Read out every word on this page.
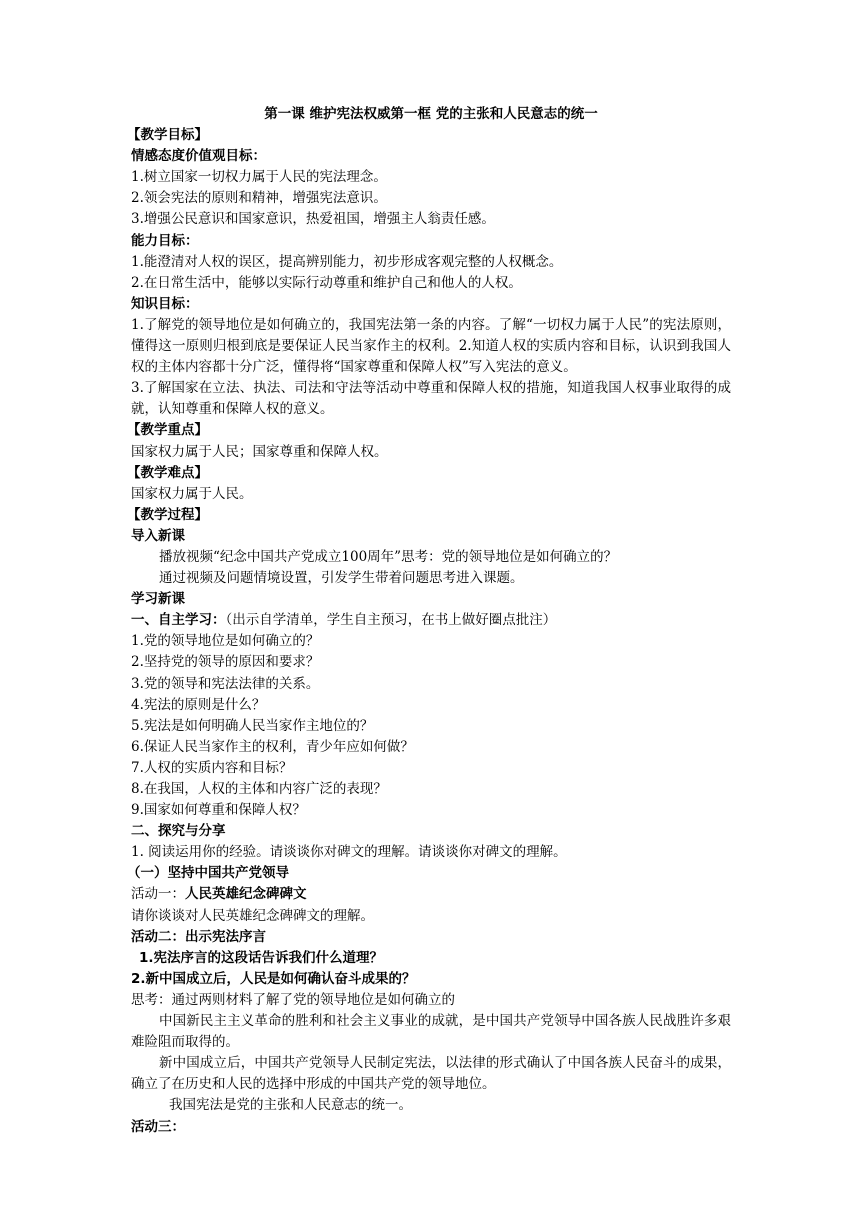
第一课 维护宪法权威第一框 党的主张和人民意志的统一

【教学目标】

情感态度价值观目标：

1.树立国家一切权力属于人民的宪法理念。

2.领会宪法的原则和精神，增强宪法意识。

3.增强公民意识和国家意识，热爱祖国，增强主人翁责任感。

能力目标：

1.能澄清对人权的误区，提高辨别能力，初步形成客观完整的人权概念。

2.在日常生活中，能够以实际行动尊重和维护自己和他人的人权。

知识目标：

1.了解党的领导地位是如何确立的，我国宪法第一条的内容。了解“一切权力属于人民”的宪法原则，懂得这一原则归根到底是要保证人民当家作主的权利。2.知道人权的实质内容和目标，认识到我国人权的主体内容都十分广泛，懂得将“国家尊重和保障人权”写入宪法的意义。

3.了解国家在立法、执法、司法和守法等活动中尊重和保障人权的措施，知道我国人权事业取得的成就，认知尊重和保障人权的意义。

【教学重点】

国家权力属于人民；国家尊重和保障人权。

【教学难点】

国家权力属于人民。

【教学过程】

导入新课

播放视频“纪念中国共产党成立100周年”思考：党的领导地位是如何确立的？

通过视频及问题情境设置，引发学生带着问题思考进入课题。

学习新课

一、自主学习：（出示自学清单，学生自主预习，在书上做好圈点批注）

1.党的领导地位是如何确立的？

2.坚持党的领导的原因和要求？

3.党的领导和宪法法律的关系。

4.宪法的原则是什么？

5.宪法是如何明确人民当家作主地位的？

6.保证人民当家作主的权利，青少年应如何做？

7.人权的实质内容和目标？

8.在我国，人权的主体和内容广泛的表现？

9.国家如何尊重和保障人权？

二、探究与分享

1. 阅读运用你的经验。请谈谈你对碑文的理解。请谈谈你对碑文的理解。

（一）坚持中国共产党领导

活动一：人民英雄纪念碑碑文

请你谈谈对人民英雄纪念碑碑文的理解。

活动二：出示宪法序言

1.宪法序言的这段话告诉我们什么道理？

2.新中国成立后，人民是如何确认奋斗成果的？

思考：通过两则材料了解了党的领导地位是如何确立的

中国新民主主义革命的胜利和社会主义事业的成就，是中国共产党领导中国各族人民战胜许多艰难险阻而取得的。

新中国成立后，中国共产党领导人民制定宪法，以法律的形式确认了中国各族人民奋斗的成果，确立了在历史和人民的选择中形成的中国共产党的领导地位。

我国宪法是党的主张和人民意志的统一。

活动三：
